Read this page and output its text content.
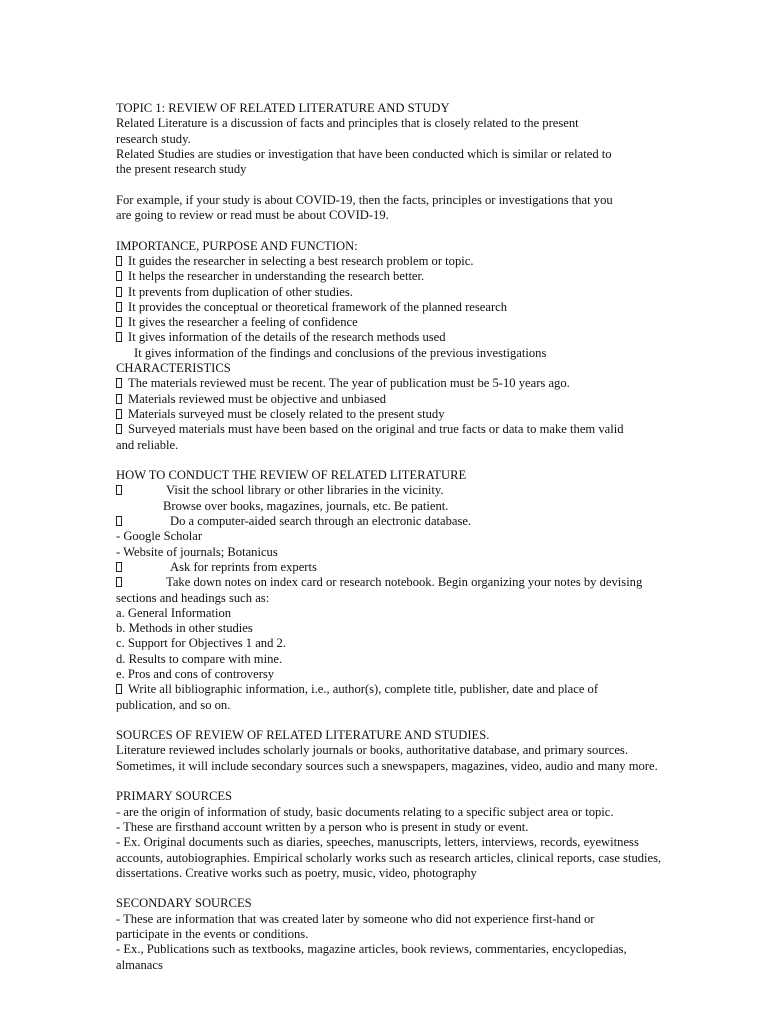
TOPIC 1: REVIEW OF RELATED LITERATURE AND STUDY
Related Literature is a discussion of facts and principles that is closely related to the present
research study.
Related Studies are studies or investigation that have been conducted which is similar or related to
the present research study
For example, if your study is about COVID-19, then the facts, principles or investigations that you
are going to review or read must be about COVID-19.
IMPORTANCE, PURPOSE AND FUNCTION:
It guides the researcher in selecting a best research problem or topic.
It helps the researcher in understanding the research better.
It prevents from duplication of other studies.
It provides the conceptual or theoretical framework of the planned research
It gives the researcher a feeling of confidence
It gives information of the details of the research methods used
It gives information of the findings and conclusions of the previous investigations
CHARACTERISTICS
The materials reviewed must be recent. The year of publication must be 5-10 years ago.
Materials reviewed must be objective and unbiased
Materials surveyed must be closely related to the present study
Surveyed materials must have been based on the original and true facts or data to make them valid
and reliable.
HOW TO CONDUCT THE REVIEW OF RELATED LITERATURE
Visit the school library or other libraries in the vicinity.
Browse over books, magazines, journals, etc. Be patient.
Do a computer-aided search through an electronic database.
- Google Scholar
- Website of journals; Botanicus
Ask for reprints from experts
Take down notes on index card or research notebook. Begin organizing your notes by devising
sections and headings such as:
a. General Information
b. Methods in other studies
c. Support for Objectives 1 and 2.
d. Results to compare with mine.
e. Pros and cons of controversy
Write all bibliographic information, i.e., author(s), complete title, publisher, date and place of
publication, and so on.
SOURCES OF REVIEW OF RELATED LITERATURE AND STUDIES.
Literature reviewed includes scholarly journals or books, authoritative database, and primary sources.
Sometimes, it will include secondary sources such a snewspapers, magazines, video, audio and many more.
PRIMARY SOURCES
- are the origin of information of study, basic documents relating to a specific subject area or topic.
- These are firsthand account written by a person who is present in study or event.
- Ex. Original documents such as diaries, speeches, manuscripts, letters, interviews, records, eyewitness
accounts, autobiographies. Empirical scholarly works such as research articles, clinical reports, case studies,
dissertations. Creative works such as poetry, music, video, photography
SECONDARY SOURCES
- These are information that was created later by someone who did not experience first-hand or
participate in the events or conditions.
- Ex., Publications such as textbooks, magazine articles, book reviews, commentaries, encyclopedias,
almanacs
